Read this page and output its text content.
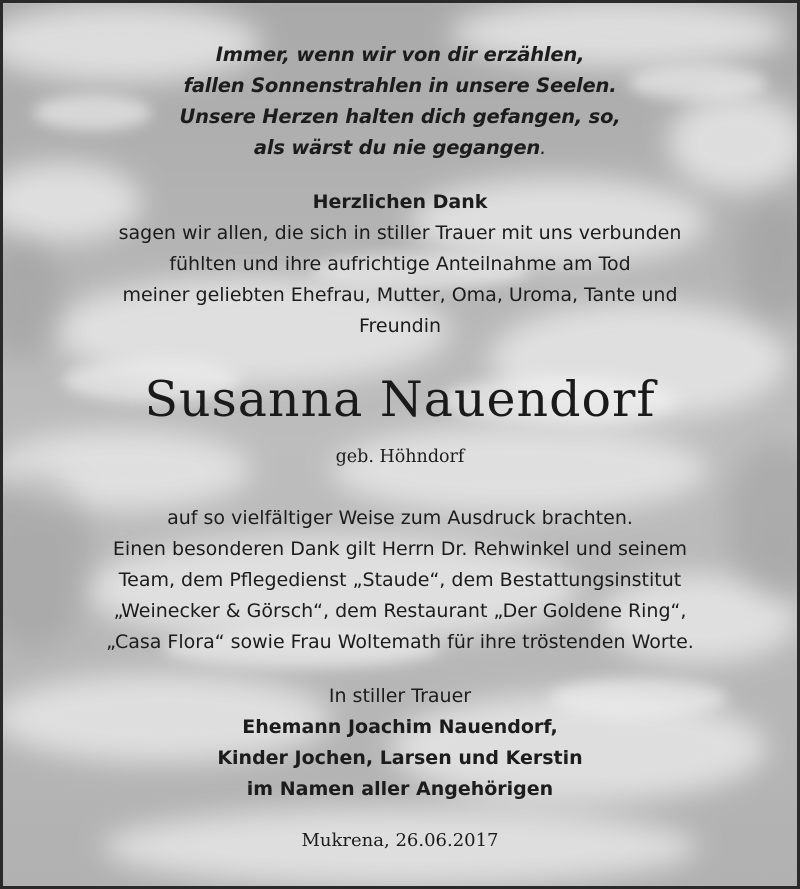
Immer, wenn wir von dir erzählen,
fallen Sonnenstrahlen in unsere Seelen.
Unsere Herzen halten dich gefangen, so,
als wärst du nie gegangen.
Herzlichen Dank
sagen wir allen, die sich in stiller Trauer mit uns verbunden
fühlten und ihre aufrichtige Anteilnahme am Tod
meiner geliebten Ehefrau, Mutter, Oma, Uroma, Tante und
Freundin
Susanna Nauendorf
geb. Höhndorf
auf so vielfältiger Weise zum Ausdruck brachten.
Einen besonderen Dank gilt Herrn Dr. Rehwinkel und seinem
Team, dem Pflegedienst „Staude“, dem Bestattungsinstitut
„Weinecker & Görsch“, dem Restaurant „Der Goldene Ring“,
„Casa Flora“ sowie Frau Woltemath für ihre tröstenden Worte.
In stiller Trauer
Ehemann Joachim Nauendorf,
Kinder Jochen, Larsen und Kerstin
im Namen aller Angehörigen
Mukrena, 26.06.2017
